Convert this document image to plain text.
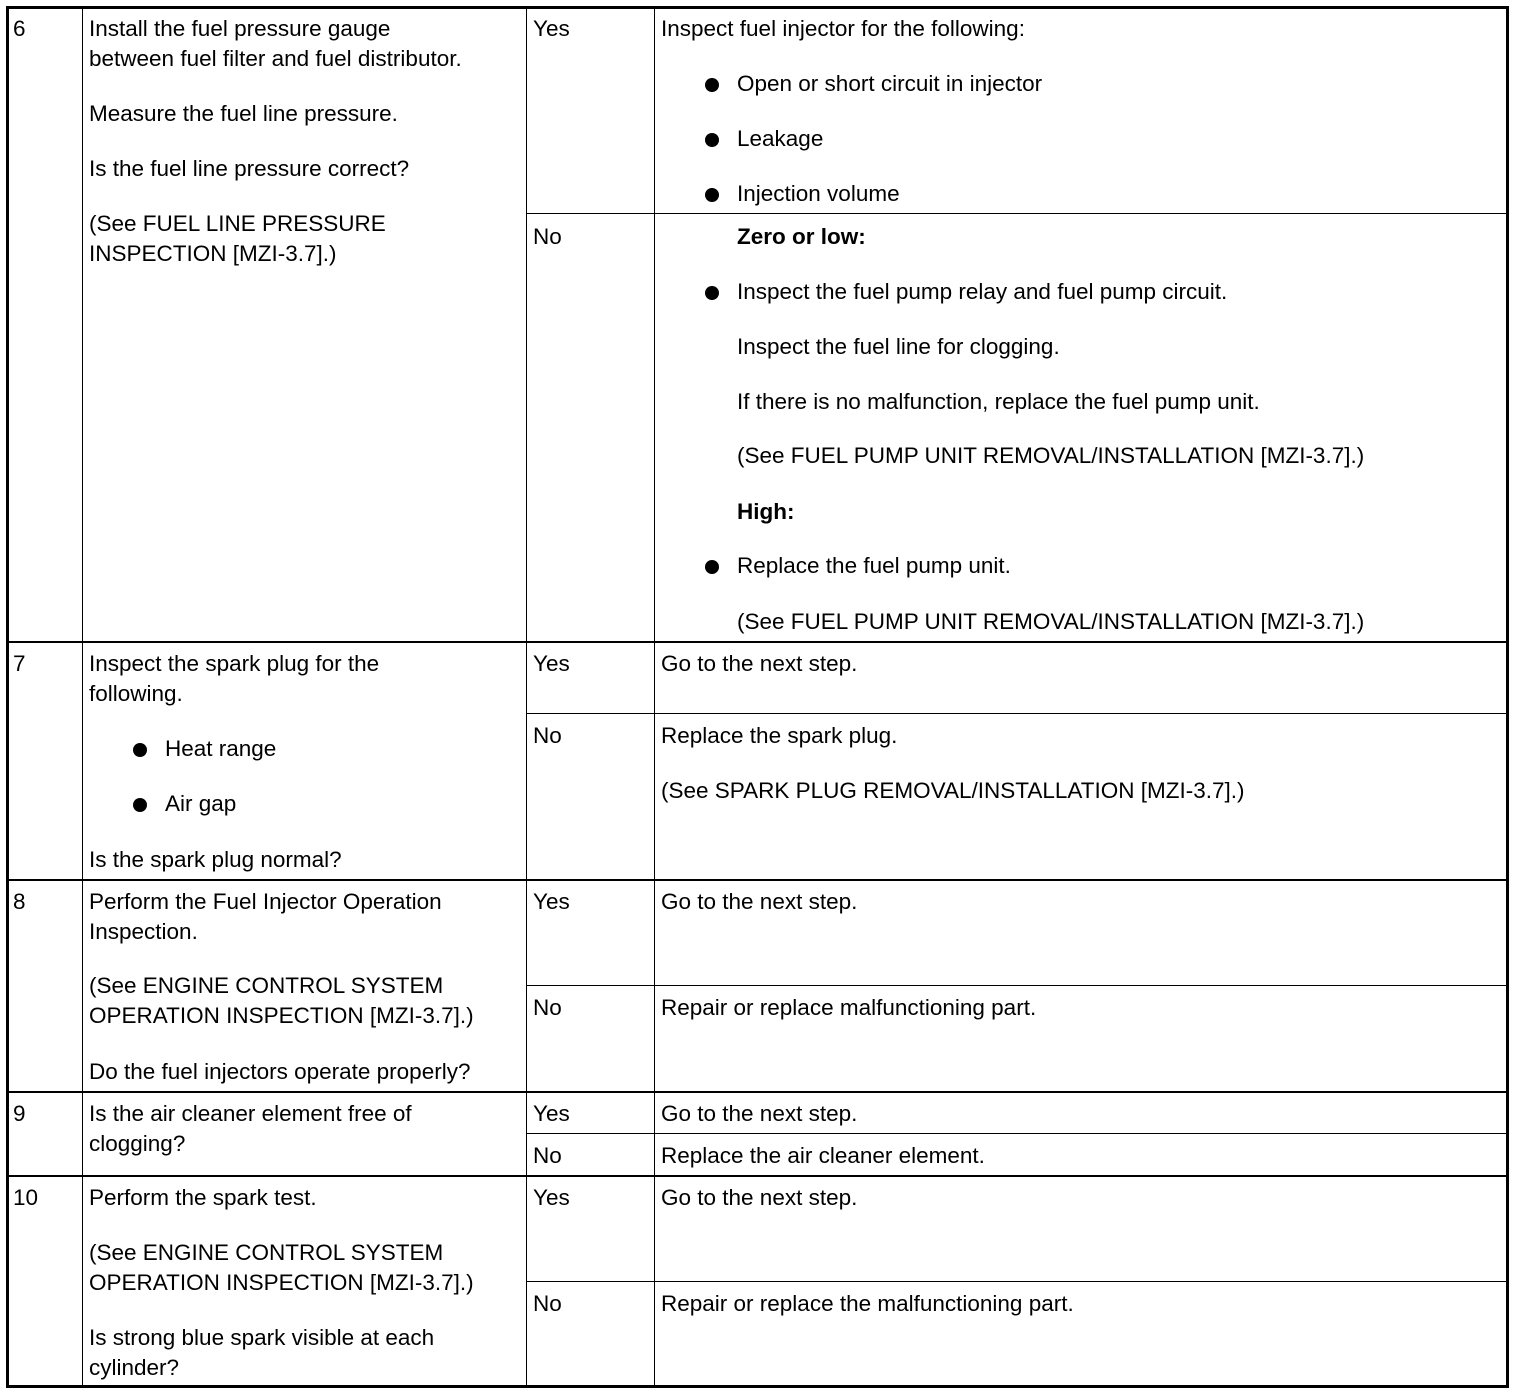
6	Install the fuel pressure gauge

between fuel filter and fuel distributor.

Measure the fuel line pressure.

Is the fuel line pressure correct?

(See FUEL LINE PRESSURE

INSPECTION [MZI-3.7].)

Yes	Inspect fuel injector for the following:

Open or short circuit in injector

Leakage

Injection volume

No	Zero or low:

Inspect the fuel pump relay and fuel pump circuit.

Inspect the fuel line for clogging.

If there is no malfunction, replace the fuel pump unit.

(See FUEL PUMP UNIT REMOVAL/INSTALLATION [MZI-3.7].)

High:

Replace the fuel pump unit.

(See FUEL PUMP UNIT REMOVAL/INSTALLATION [MZI-3.7].)

7	Inspect the spark plug for the

following.

Heat range

Air gap

Is the spark plug normal?

Yes	Go to the next step.

No	Replace the spark plug.

(See SPARK PLUG REMOVAL/INSTALLATION [MZI-3.7].)

8	Perform the Fuel Injector Operation

Inspection.

(See ENGINE CONTROL SYSTEM

OPERATION INSPECTION [MZI-3.7].)

Do the fuel injectors operate properly?

Yes	Go to the next step.

No	Repair or replace malfunctioning part.

9	Is the air cleaner element free of

clogging?

Yes	Go to the next step.

No	Replace the air cleaner element.

10 Perform the spark test.

(See ENGINE CONTROL SYSTEM

OPERATION INSPECTION [MZI-3.7].)

Is strong blue spark visible at each

cylinder?

Yes	Go to the next step.

No	Repair or replace the malfunctioning part.
